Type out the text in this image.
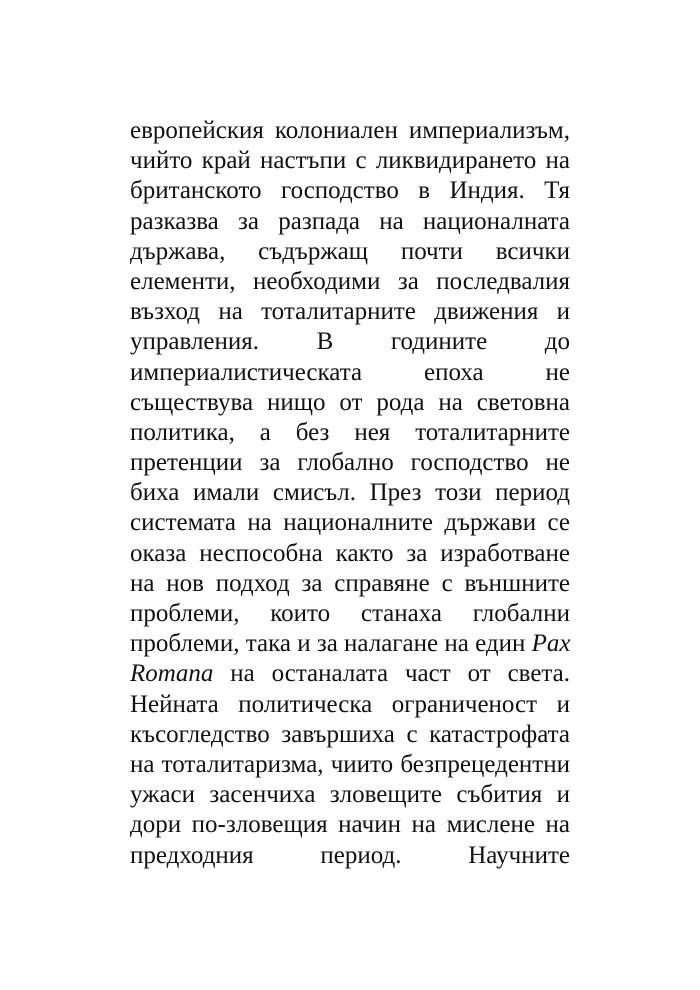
европейския колониален империализъм,
чийто край настъпи с ликвидирането на
британското господство в Индия. Тя
разказва за разпада на националната
държава, съдържащ почти всички
елементи, необходими за последвалия
възход на тоталитарните движения и
управления. В годините до
империалистическата епоха не
съществува нищо от рода на световна
политика, а без нея тоталитарните
претенции за глобално господство не
биха имали смисъл. През този период
системата на националните държави се
оказа неспособна както за изработване
на нов подход за справяне с външните
проблеми, които станаха глобални
проблеми, така и за налагане на един Pax
Romana на останалата част от света.
Нейната политическа ограниченост и
късогледство завършиха с катастрофата
на тоталитаризма, чиито безпрецедентни
ужаси засенчиха зловещите събития и
дори по-зловещия начин на мислене на
предходния период. Научните
